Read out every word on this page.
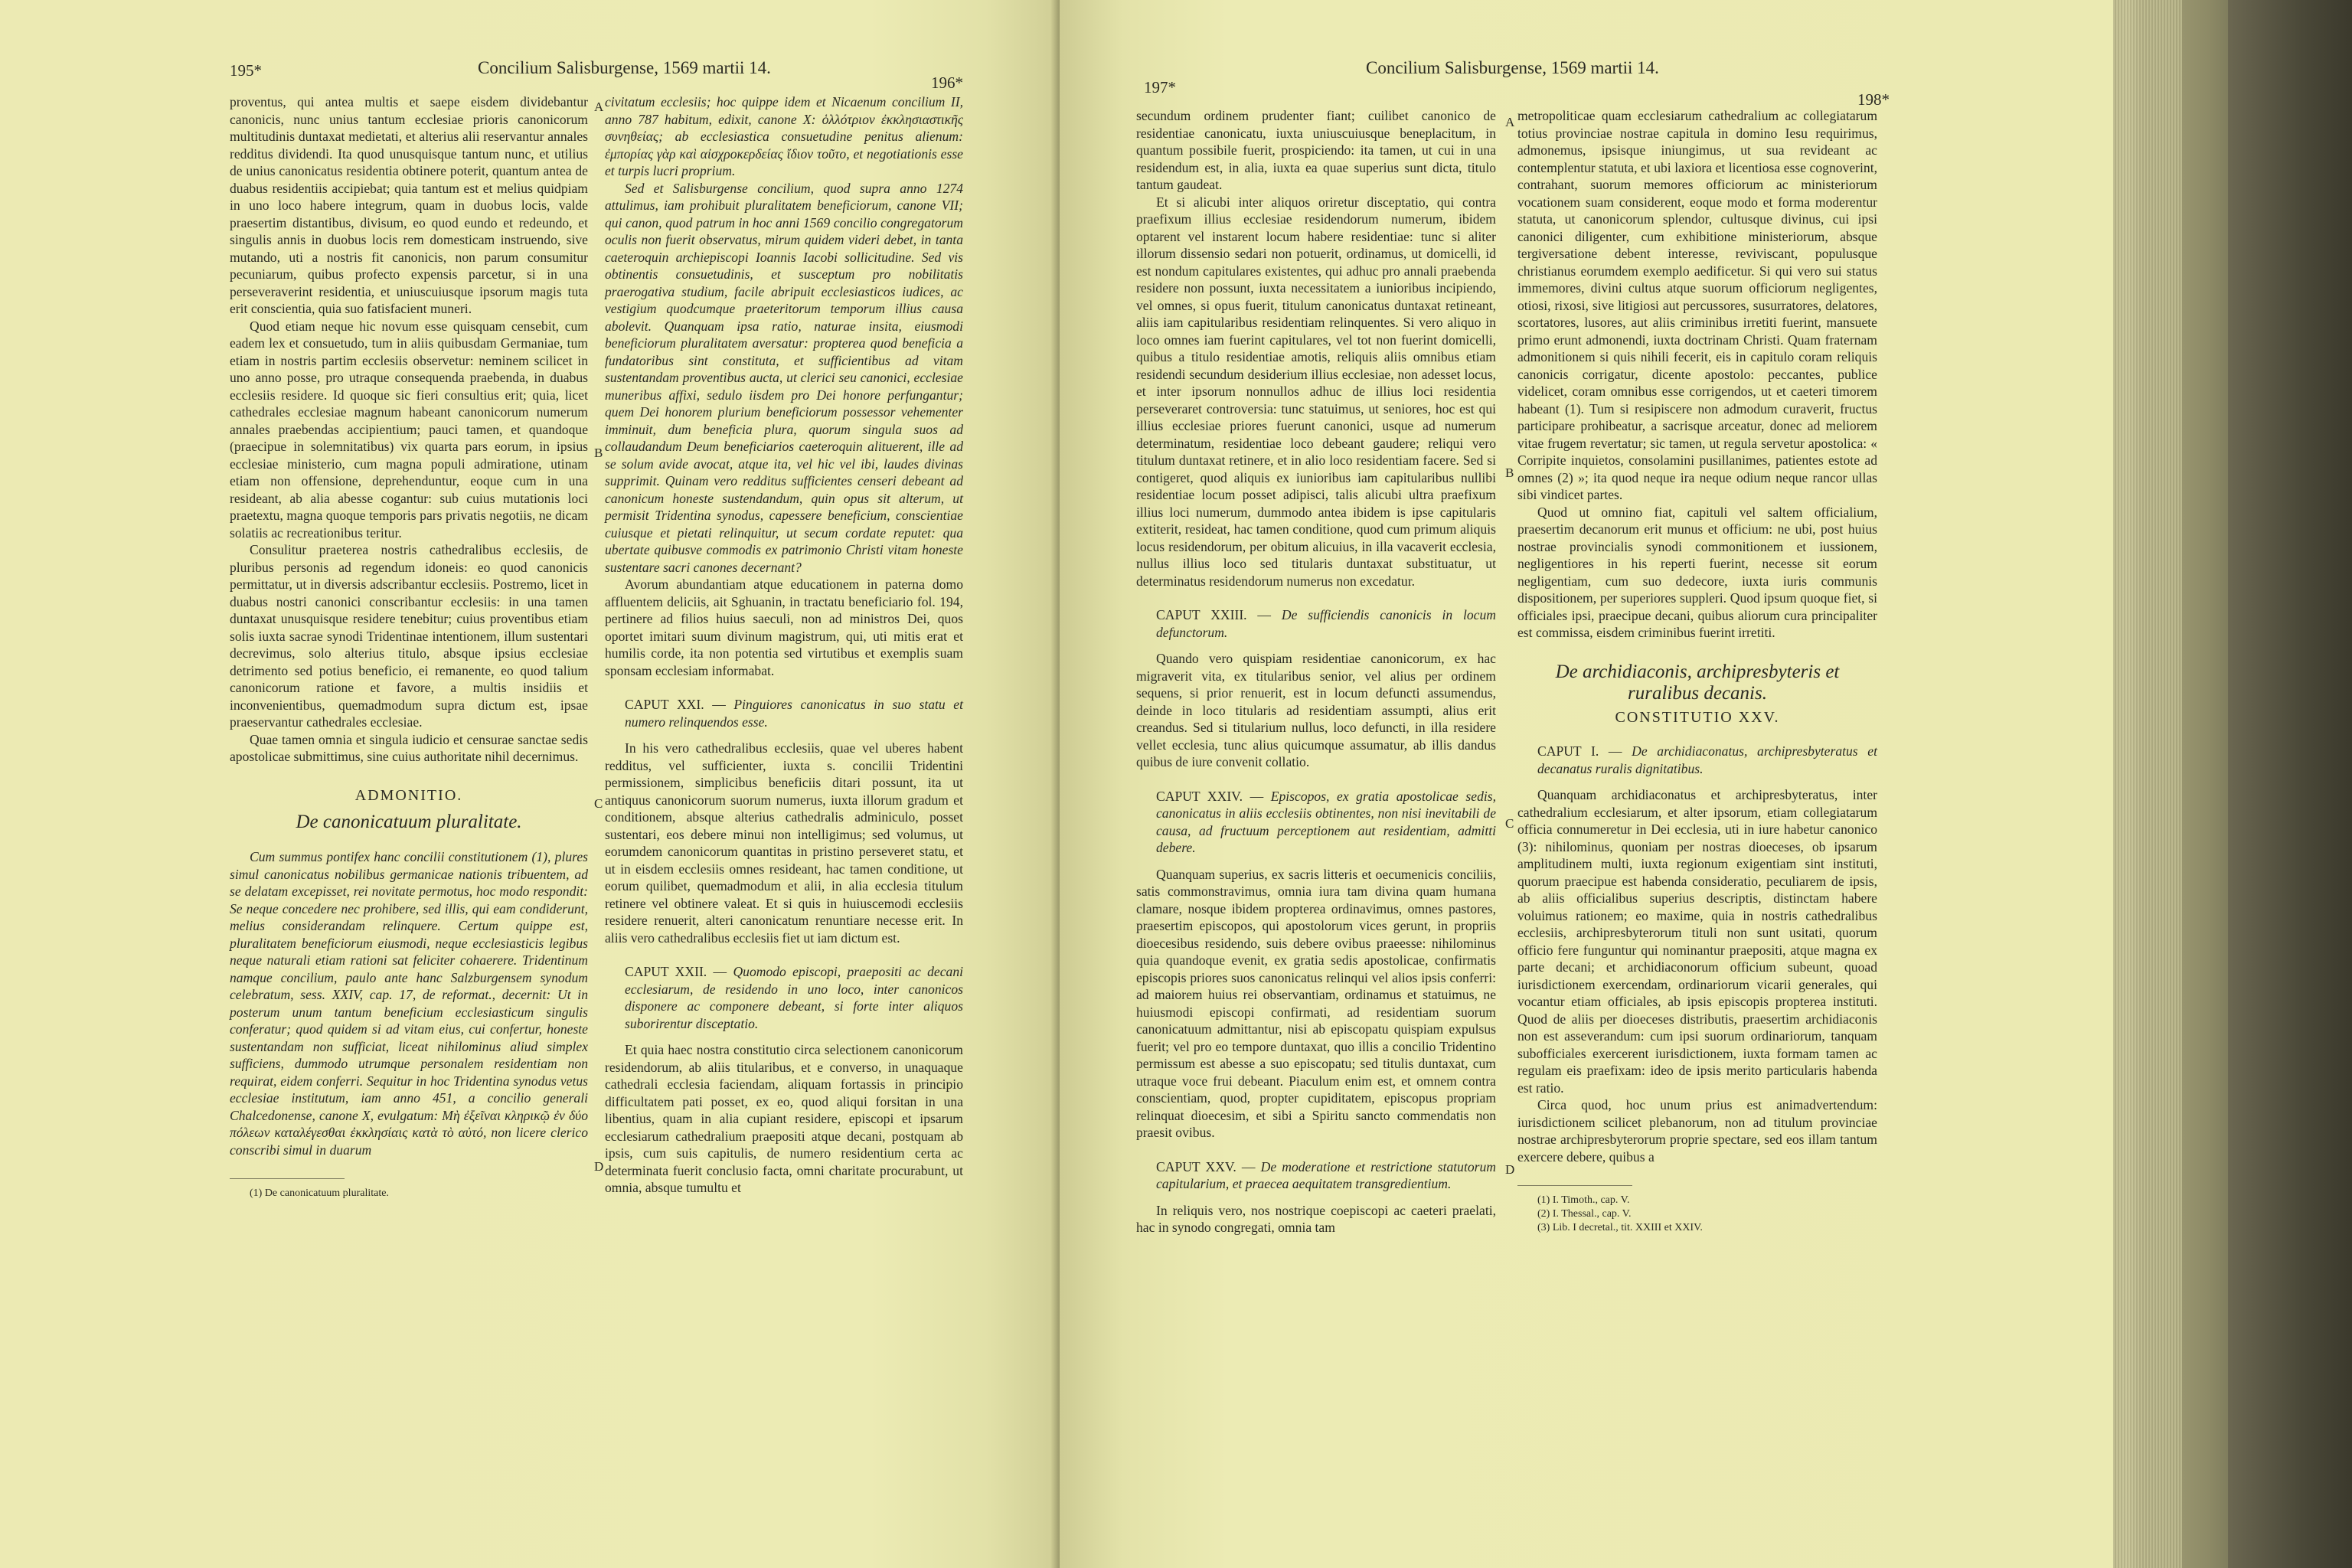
195*	Concilium Salisburgense, 1569 martii 14.
196*

proventus, qui antea multis et saepe eisdem dividebantur canonicis, nunc unius tantum ecclesiae prioris canonicorum multitudinis duntaxat medietati, et alterius alii reservantur annales redditus dividendi. Ita quod unusquisque tantum nunc, et utilius de unius canonicatus residentia obtinere poterit, quantum antea de duabus residentiis accipiebat; quia tantum est et melius quidpiam in uno loco habere integrum, quam in duobus locis, valde praesertim distantibus, divisum, eo quod eundo et redeundo, et singulis annis in duobus locis rem domesticam instruendo, sive mutando, uti a nostris fit canonicis, non parum consumitur pecuniarum, quibus profecto expensis parcetur, si in una perseveraverint residentia, et uniuscuiusque ipsorum magis tuta erit conscientia, quia suo fatisfacient muneri.

Quod etiam neque hic novum esse quisquam censebit, cum eadem lex et consuetudo, tum in aliis quibusdam Germaniae, tum etiam in nostris partim ecclesiis observetur: neminem scilicet in uno anno posse, pro utraque consequenda praebenda, in duabus ecclesiis residere. Id quoque sic fieri consultius erit; quia, licet cathedrales ecclesiae magnum habeant canonicorum numerum annales praebendas accipientium; pauci tamen, et quandoque (praecipue in solemnitatibus) vix quarta pars eorum, in ipsius ecclesiae ministerio, cum magna populi admiratione, utinam etiam non offensione, deprehenduntur, eoque cum in una resideant, ab alia abesse cogantur: sub cuius mutationis loci praetextu, magna quoque temporis pars privatis negotiis, ne dicam solatiis ac recreationibus teritur.

Consulitur praeterea nostris cathedralibus ecclesiis, de pluribus personis ad regendum idoneis: eo quod canonicis permittatur, ut in diversis adscribantur ecclesiis. Postremo, licet in duabus nostri canonici conscribantur ecclesiis: in una tamen duntaxat unusquisque residere tenebitur; cuius proventibus etiam solis iuxta sacrae synodi Tridentinae intentionem, illum sustentari decrevimus, solo alterius titulo, absque ipsius ecclesiae detrimento sed potius beneficio, ei remanente, eo quod talium canonicorum ratione et favore, a multis insidiis et inconvenientibus, quemadmodum supra dictum est, ipsae praeservantur cathedrales ecclesiae.

Quae tamen omnia et singula iudicio et censurae sanctae sedis apostolicae submittimus, sine cuius authoritate nihil decernimus.

ADMONITIO.
De canonicatuum pluralitate.

Cum summus pontifex hanc concilii constitutionem (1), plures simul canonicatus nobilibus germanicae nationis tribuentem, ad se delatam excepisset, rei novitate permotus, hoc modo respondit: Se neque concedere nec prohibere, sed illis, qui eam condiderunt, melius considerandam relinquere. Certum quippe est, pluralitatem beneficiorum eiusmodi, neque ecclesiasticis legibus neque naturali etiam rationi sat feliciter cohaerere. Tridentinum namque concilium, paulo ante hanc Salzburgensem synodum celebratum, sess. XXIV, cap. 17, de reformat., decernit: Ut in posterum unum tantum beneficium ecclesiasticum singulis conferatur; quod quidem si ad vitam eius, cui confertur, honeste sustentandam non sufficiat, liceat nihilominus aliud simplex sufficiens, dummodo utrumque personalem residentiam non requirat, eidem conferri. Sequitur in hoc Tridentina synodus vetus ecclesiae institutum, iam anno 451, a concilio generali Chalcedonense, canone X, evulgatum: Μὴ ἐξεῖναι κληρικῷ ἐν δύο πόλεων καταλέγεσθαι ἐκκλησίαις κατὰ τὸ αὐτό, non licere clerico conscribi simul in duarum

(1) De canonicatuum pluralitate.

A
B
C
D

civitatum ecclesiis; hoc quippe idem et Nicaenum concilium II, anno 787 habitum, edixit, canone X: ὁλλότριον ἐκκλησιαστικῆς συνηθείας; ab ecclesiastica consuetudine penitus alienum: ἐμπορίας γὰρ καὶ αἰσχροκερδείας ἴδιον τοῦτο, et negotiationis esse et turpis lucri proprium.

Sed et Salisburgense concilium, quod supra anno 1274 attulimus, iam prohibuit pluralitatem beneficiorum, canone VII; qui canon, quod patrum in hoc anni 1569 concilio congregatorum oculis non fuerit observatus, mirum quidem videri debet, in tanta caeteroquin archiepiscopi Ioannis Iacobi sollicitudine. Sed vis obtinentis consuetudinis, et susceptum pro nobilitatis praerogativa studium, facile abripuit ecclesiasticos iudices, ac vestigium quodcumque praeteritorum temporum illius causa abolevit. Quanquam ipsa ratio, naturae insita, eiusmodi beneficiorum pluralitatem aversatur: propterea quod beneficia a fundatoribus sint constituta, et sufficientibus ad vitam sustentandam proventibus aucta, ut clerici seu canonici, ecclesiae muneribus affixi, sedulo iisdem pro Dei honore perfungantur; quem Dei honorem plurium beneficiorum possessor vehementer imminuit, dum beneficia plura, quorum singula suos ad collaudandum Deum beneficiarios caeteroquin alituerent, ille ad se solum avide avocat, atque ita, vel hic vel ibi, laudes divinas supprimit. Quinam vero redditus sufficientes censeri debeant ad canonicum honeste sustendandum, quin opus sit alterum, ut permisit Tridentina synodus, capessere beneficium, conscientiae cuiusque et pietati relinquitur, ut secum cordate reputet: qua ubertate quibusve commodis ex patrimonio Christi vitam honeste sustentare sacri canones decernant?

Avorum abundantiam atque educationem in paterna domo affluentem deliciis, ait Sghuanin, in tractatu beneficiario fol. 194, pertinere ad filios huius saeculi, non ad ministros Dei, quos oportet imitari suum divinum magistrum, qui, uti mitis erat et humilis corde, ita non potentia sed virtutibus et exemplis suam sponsam ecclesiam informabat.

CAPUT XXI. — Pinguiores canonicatus in suo statu et numero relinquendos esse.

In his vero cathedralibus ecclesiis, quae vel uberes habent redditus, vel sufficienter, iuxta s. concilii Tridentini permissionem, simplicibus beneficiis ditari possunt, ita ut antiquus canonicorum suorum numerus, iuxta illorum gradum et conditionem, absque alterius cathedralis adminiculo, posset sustentari, eos debere minui non intelligimus; sed volumus, ut eorumdem canonicorum quantitas in pristino perseveret statu, et ut in eisdem ecclesiis omnes resideant, hac tamen conditione, ut eorum quilibet, quemadmodum et alii, in alia ecclesia titulum retinere vel obtinere valeat. Et si quis in huiuscemodi ecclesiis residere renuerit, alteri canonicatum renuntiare necesse erit. In aliis vero cathedralibus ecclesiis fiet ut iam dictum est.

CAPUT XXII. — Quomodo episcopi, praepositi ac decani ecclesiarum, de residendo in uno loco, inter canonicos disponere ac componere debeant, si forte inter aliquos suborirentur disceptatio.

Et quia haec nostra constitutio circa selectionem canonicorum residendorum, ab aliis titularibus, et e converso, in unaquaque cathedrali ecclesia faciendam, aliquam fortassis in principio difficultatem pati posset, ex eo, quod aliqui forsitan in una libentius, quam in alia cupiant residere, episcopi et ipsarum ecclesiarum cathedralium praepositi atque decani, postquam ab ipsis, cum suis capitulis, de numero residentium certa ac determinata fuerit conclusio facta, omni charitate procurabunt, ut omnia, absque tumultu et

197*
Concilium Salisburgense, 1569 martii 14.
198*

secundum ordinem prudenter fiant; cuilibet canonico de residentiae canonicatu, iuxta uniuscuiusque beneplacitum, in quantum possibile fuerit, prospiciendo: ita tamen, ut cui in una residendum est, in alia, iuxta ea quae superius sunt dicta, titulo tantum gaudeat.

Et si alicubi inter aliquos oriretur disceptatio, qui contra praefixum illius ecclesiae residendorum numerum, ibidem optarent vel instarent locum habere residentiae: tunc si aliter illorum dissensio sedari non potuerit, ordinamus, ut domicelli, id est nondum capitulares existentes, qui adhuc pro annali praebenda residere non possunt, iuxta necessitatem a iunioribus incipiendo, vel omnes, si opus fuerit, titulum canonicatus duntaxat retineant, aliis iam capitularibus residentiam relinquentes. Si vero aliquo in loco omnes iam fuerint capitulares, vel tot non fuerint domicelli, quibus a titulo residentiae amotis, reliquis aliis omnibus etiam residendi secundum desiderium illius ecclesiae, non adesset locus, et inter ipsorum nonnullos adhuc de illius loci residentia perseveraret controversia: tunc statuimus, ut seniores, hoc est qui illius ecclesiae priores fuerunt canonici, usque ad numerum determinatum, residentiae loco debeant gaudere; reliqui vero titulum duntaxat retinere, et in alio loco residentiam facere. Sed si contigeret, quod aliquis ex iunioribus iam capitularibus nullibi residentiae locum posset adipisci, talis alicubi ultra praefixum illius loci numerum, dummodo antea ibidem is ipse capitularis extiterit, resideat, hac tamen conditione, quod cum primum aliquis locus residendorum, per obitum alicuius, in illa vacaverit ecclesia, nullus illius loco sed titularis duntaxat substituatur, ut determinatus residendorum numerus non excedatur.

CAPUT XXIII. — De sufficiendis canonicis in locum defunctorum.

Quando vero quispiam residentiae canonicorum, ex hac migraverit vita, ex titularibus senior, vel alius per ordinem sequens, si prior renuerit, est in locum defuncti assumendus, deinde in loco titularis ad residentiam assumpti, alius erit creandus. Sed si titularium nullus, loco defuncti, in illa residere vellet ecclesia, tunc alius quicumque assumatur, ab illis dandus quibus de iure convenit collatio.

CAPUT XXIV. — Episcopos, ex gratia apostolicae sedis, canonicatus in aliis ecclesiis obtinentes, non nisi inevitabili de causa, ad fructuum perceptionem aut residentiam, admitti debere.

Quanquam superius, ex sacris litteris et oecumenicis conciliis, satis commonstravimus, omnia iura tam divina quam humana clamare, nosque ibidem propterea ordinavimus, omnes pastores, praesertim episcopos, qui apostolorum vices gerunt, in propriis dioecesibus residendo, suis debere ovibus praeesse: nihilominus quia quandoque evenit, ex gratia sedis apostolicae, confirmatis episcopis priores suos canonicatus relinqui vel alios ipsis conferri: ad maiorem huius rei observantiam, ordinamus et statuimus, ne huiusmodi episcopi confirmati, ad residentiam suorum canonicatuum admittantur, nisi ab episcopatu quispiam expulsus fuerit; vel pro eo tempore duntaxat, quo illis a concilio Tridentino permissum est abesse a suo episcopatu; sed titulis duntaxat, cum utraque voce frui debeant. Piaculum enim est, et omnem contra conscientiam, quod, propter cupiditatem, episcopus propriam relinquat dioecesim, et sibi a Spiritu sancto commendatis non praesit ovibus.

CAPUT XXV. — De moderatione et restrictione statutorum capitularium, et praecea aequitatem transgredientium.

In reliquis vero, nos nostrique coepiscopi ac caeteri praelati, hac in synodo congregati, omnia tam

A
B
C
D

metropoliticae quam ecclesiarum cathedralium ac collegiatarum totius provinciae nostrae capitula in domino Iesu requirimus, admonemus, ipsisque iniungimus, ut sua revideant ac contemplentur statuta, et ubi laxiora et licentiosa esse cognoverint, contrahant, suorum memores officiorum ac ministeriorum vocationem suam considerent, eoque modo et forma moderentur statuta, ut canonicorum splendor, cultusque divinus, cui ipsi canonici diligenter, cum exhibitione ministeriorum, absque tergiversatione debent interesse, reviviscant, populusque christianus eorumdem exemplo aedificetur. Si qui vero sui status immemores, divini cultus atque suorum officiorum negligentes, otiosi, rixosi, sive litigiosi aut percussores, susurratores, delatores, scortatores, lusores, aut aliis criminibus irretiti fuerint, mansuete primo erunt admonendi, iuxta doctrinam Christi. Quam fraternam admonitionem si quis nihili fecerit, eis in capitulo coram reliquis canonicis corrigatur, dicente apostolo: peccantes, publice videlicet, coram omnibus esse corrigendos, ut et caeteri timorem habeant (1). Tum si resipiscere non admodum curaverit, fructus participare prohibeatur, a sacrisque arceatur, donec ad meliorem vitae frugem revertatur; sic tamen, ut regula servetur apostolica: « Corripite inquietos, consolamini pusillanimes, patientes estote ad omnes (2) »; ita quod neque ira neque odium neque rancor ullas sibi vindicet partes.

Quod ut omnino fiat, capituli vel saltem officialium, praesertim decanorum erit munus et officium: ne ubi, post huius nostrae provincialis synodi commonitionem et iussionem, negligentiores in his reperti fuerint, necesse sit eorum negligentiam, cum suo dedecore, iuxta iuris communis dispositionem, per superiores suppleri. Quod ipsum quoque fiet, si officiales ipsi, praecipue decani, quibus aliorum cura principaliter est commissa, eisdem criminibus fuerint irretiti.

De archidiaconis, archipresbyteris et
ruralibus decanis.
CONSTITUTIO XXV.
CAPUT I. — De archidiaconatus, archipresbyteratus et decanatus ruralis dignitatibus.

Quanquam archidiaconatus et archipresbyteratus, inter cathedralium ecclesiarum, et alter ipsorum, etiam collegiatarum officia connumeretur in Dei ecclesia, uti in iure habetur canonico (3): nihilominus, quoniam per nostras dioeceses, ob ipsarum amplitudinem multi, iuxta regionum exigentiam sint instituti, quorum praecipue est habenda consideratio, peculiarem de ipsis, ab aliis officialibus superius descriptis, distinctam habere voluimus rationem; eo maxime, quia in nostris cathedralibus ecclesiis, archipresbyterorum tituli non sunt usitati, quorum officio fere funguntur qui nominantur praepositi, atque magna ex parte decani; et archidiaconorum officium subeunt, quoad iurisdictionem exercendam, ordinariorum vicarii generales, qui vocantur etiam officiales, ab ipsis episcopis propterea instituti. Quod de aliis per dioeceses distributis, praesertim archidiaconis non est asseverandum: cum ipsi suorum ordinariorum, tanquam subofficiales exercerent iurisdictionem, iuxta formam tamen ac regulam eis praefixam: ideo de ipsis merito particularis habenda est ratio.

Circa quod, hoc unum prius est animadvertendum: iurisdictionem scilicet plebanorum, non ad titulum provinciae nostrae archipresbyterorum proprie spectare, sed eos illam tantum exercere debere, quibus a

(1) I. Timoth., cap. V.

(2) I. Thessal., cap. V.

(3) Lib. I decretal., tit. XXIII et XXIV.
